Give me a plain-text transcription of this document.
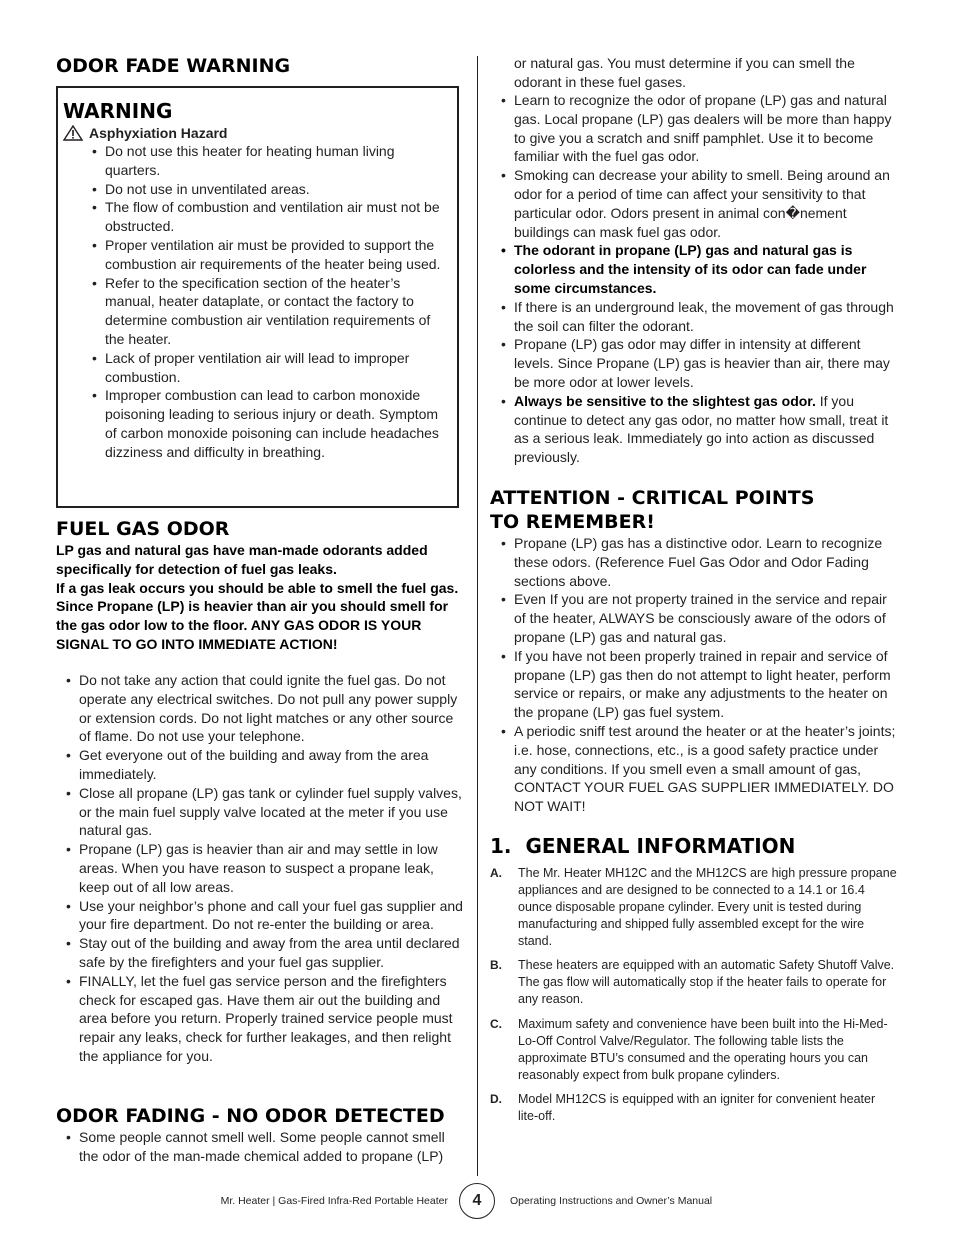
ODOR FADE WARNING
WARNING
Asphyxiation Hazard
• Do not use this heater for heating human living quarters.
• Do not use in unventilated areas.
• The flow of combustion and ventilation air must not be obstructed.
• Proper ventilation air must be provided to support the combustion air requirements of the heater being used.
• Refer to the specification section of the heater’s manual, heater dataplate, or contact the factory to determine combustion air ventilation requirements of the heater.
• Lack of proper ventilation air will lead to improper combustion.
• Improper combustion can lead to carbon monoxide poisoning leading to serious injury or death. Symptom of carbon monoxide poisoning can include headaches dizziness and difficulty in breathing.
FUEL GAS ODOR

LP gas and natural gas have man-made odorants added specifically for detection of fuel gas leaks.

If a gas leak occurs you should be able to smell the fuel gas. Since Propane (LP) is heavier than air you should smell for the gas odor low to the floor. ANY GAS ODOR IS YOUR SIGNAL TO GO INTO IMMEDIATE ACTION!

• Do not take any action that could ignite the fuel gas. Do not operate any electrical switches. Do not pull any power supply or extension cords. Do not light matches or any other source of flame. Do not use your telephone.
• Get everyone out of the building and away from the area immediately.
• Close all propane (LP) gas tank or cylinder fuel supply valves, or the main fuel supply valve located at the meter if you use natural gas.
• Propane (LP) gas is heavier than air and may settle in low areas. When you have reason to suspect a propane leak, keep out of all low areas.
• Use your neighbor’s phone and call your fuel gas supplier and your fire department. Do not re-enter the building or area.
• Stay out of the building and away from the area until declared safe by the firefighters and your fuel gas supplier.
• FINALLY, let the fuel gas service person and the firefighters check for escaped gas. Have them air out the building and area before you return. Properly trained service people must repair any leaks, check for further leakages, and then relight the appliance for you.
ODOR FADING - NO ODOR DETECTED
• Some people cannot smell well. Some people cannot smell the odor of the man-made chemical added to propane (LP)

or natural gas. You must determine if you can smell the odorant in these fuel gases.

• Learn to recognize the odor of propane (LP) gas and natural gas. Local propane (LP) gas dealers will be more than happy to give you a scratch and sniff pamphlet. Use it to become familiar with the fuel gas odor.
• Smoking can decrease your ability to smell. Being around an odor for a period of time can affect your sensitivity to that particular odor. Odors present in animal con�nement buildings can mask fuel gas odor.
• The odorant in propane (LP) gas and natural gas is colorless and the intensity of its odor can fade under some circumstances.
• If there is an underground leak, the movement of gas through the soil can filter the odorant.
• Propane (LP) gas odor may differ in intensity at different levels. Since Propane (LP) gas is heavier than air, there may be more odor at lower levels.
• Always be sensitive to the slightest gas odor. If you continue to detect any gas odor, no matter how small, treat it as a serious leak. Immediately go into action as discussed previously.
ATTENTION - CRITICAL POINTS TO REMEMBER!
• Propane (LP) gas has a distinctive odor. Learn to recognize these odors. (Reference Fuel Gas Odor and Odor Fading sections above.
• Even If you are not property trained in the service and repair of the heater, ALWAYS be consciously aware of the odors of propane (LP) gas and natural gas.
• If you have not been properly trained in repair and service of propane (LP) gas then do not attempt to light heater, perform service or repairs, or make any adjustments to the heater on the propane (LP) gas fuel system.
• A periodic sniff test around the heater or at the heater’s joints; i.e. hose, connections, etc., is a good safety practice under any conditions. If you smell even a small amount of gas, CONTACT YOUR FUEL GAS SUPPLIER IMMEDIATELY. DO NOT WAIT!
1.  GENERAL INFORMATION
A.	The Mr. Heater MH12C and the MH12CS are high pressure propane appliances and are designed to be connected to a 14.1 or 16.4 ounce disposable propane cylinder. Every unit is tested during manufacturing and shipped fully assembled except for the wire stand.
B.	These heaters are equipped with an automatic Safety Shutoff Valve. The gas flow will automatically stop if the heater fails to operate for any reason.
C.	Maximum safety and convenience have been built into the Hi-Med-Lo-Off Control Valve/Regulator. The following table lists the approximate BTU’s consumed and the operating hours you can reasonably expect from bulk propane cylinders.
D.	Model MH12CS is equipped with an igniter for convenient heater lite-off.
Mr. Heater | Gas-Fired Infra-Red Portable Heater	4	Operating Instructions and Owner’s Manual
